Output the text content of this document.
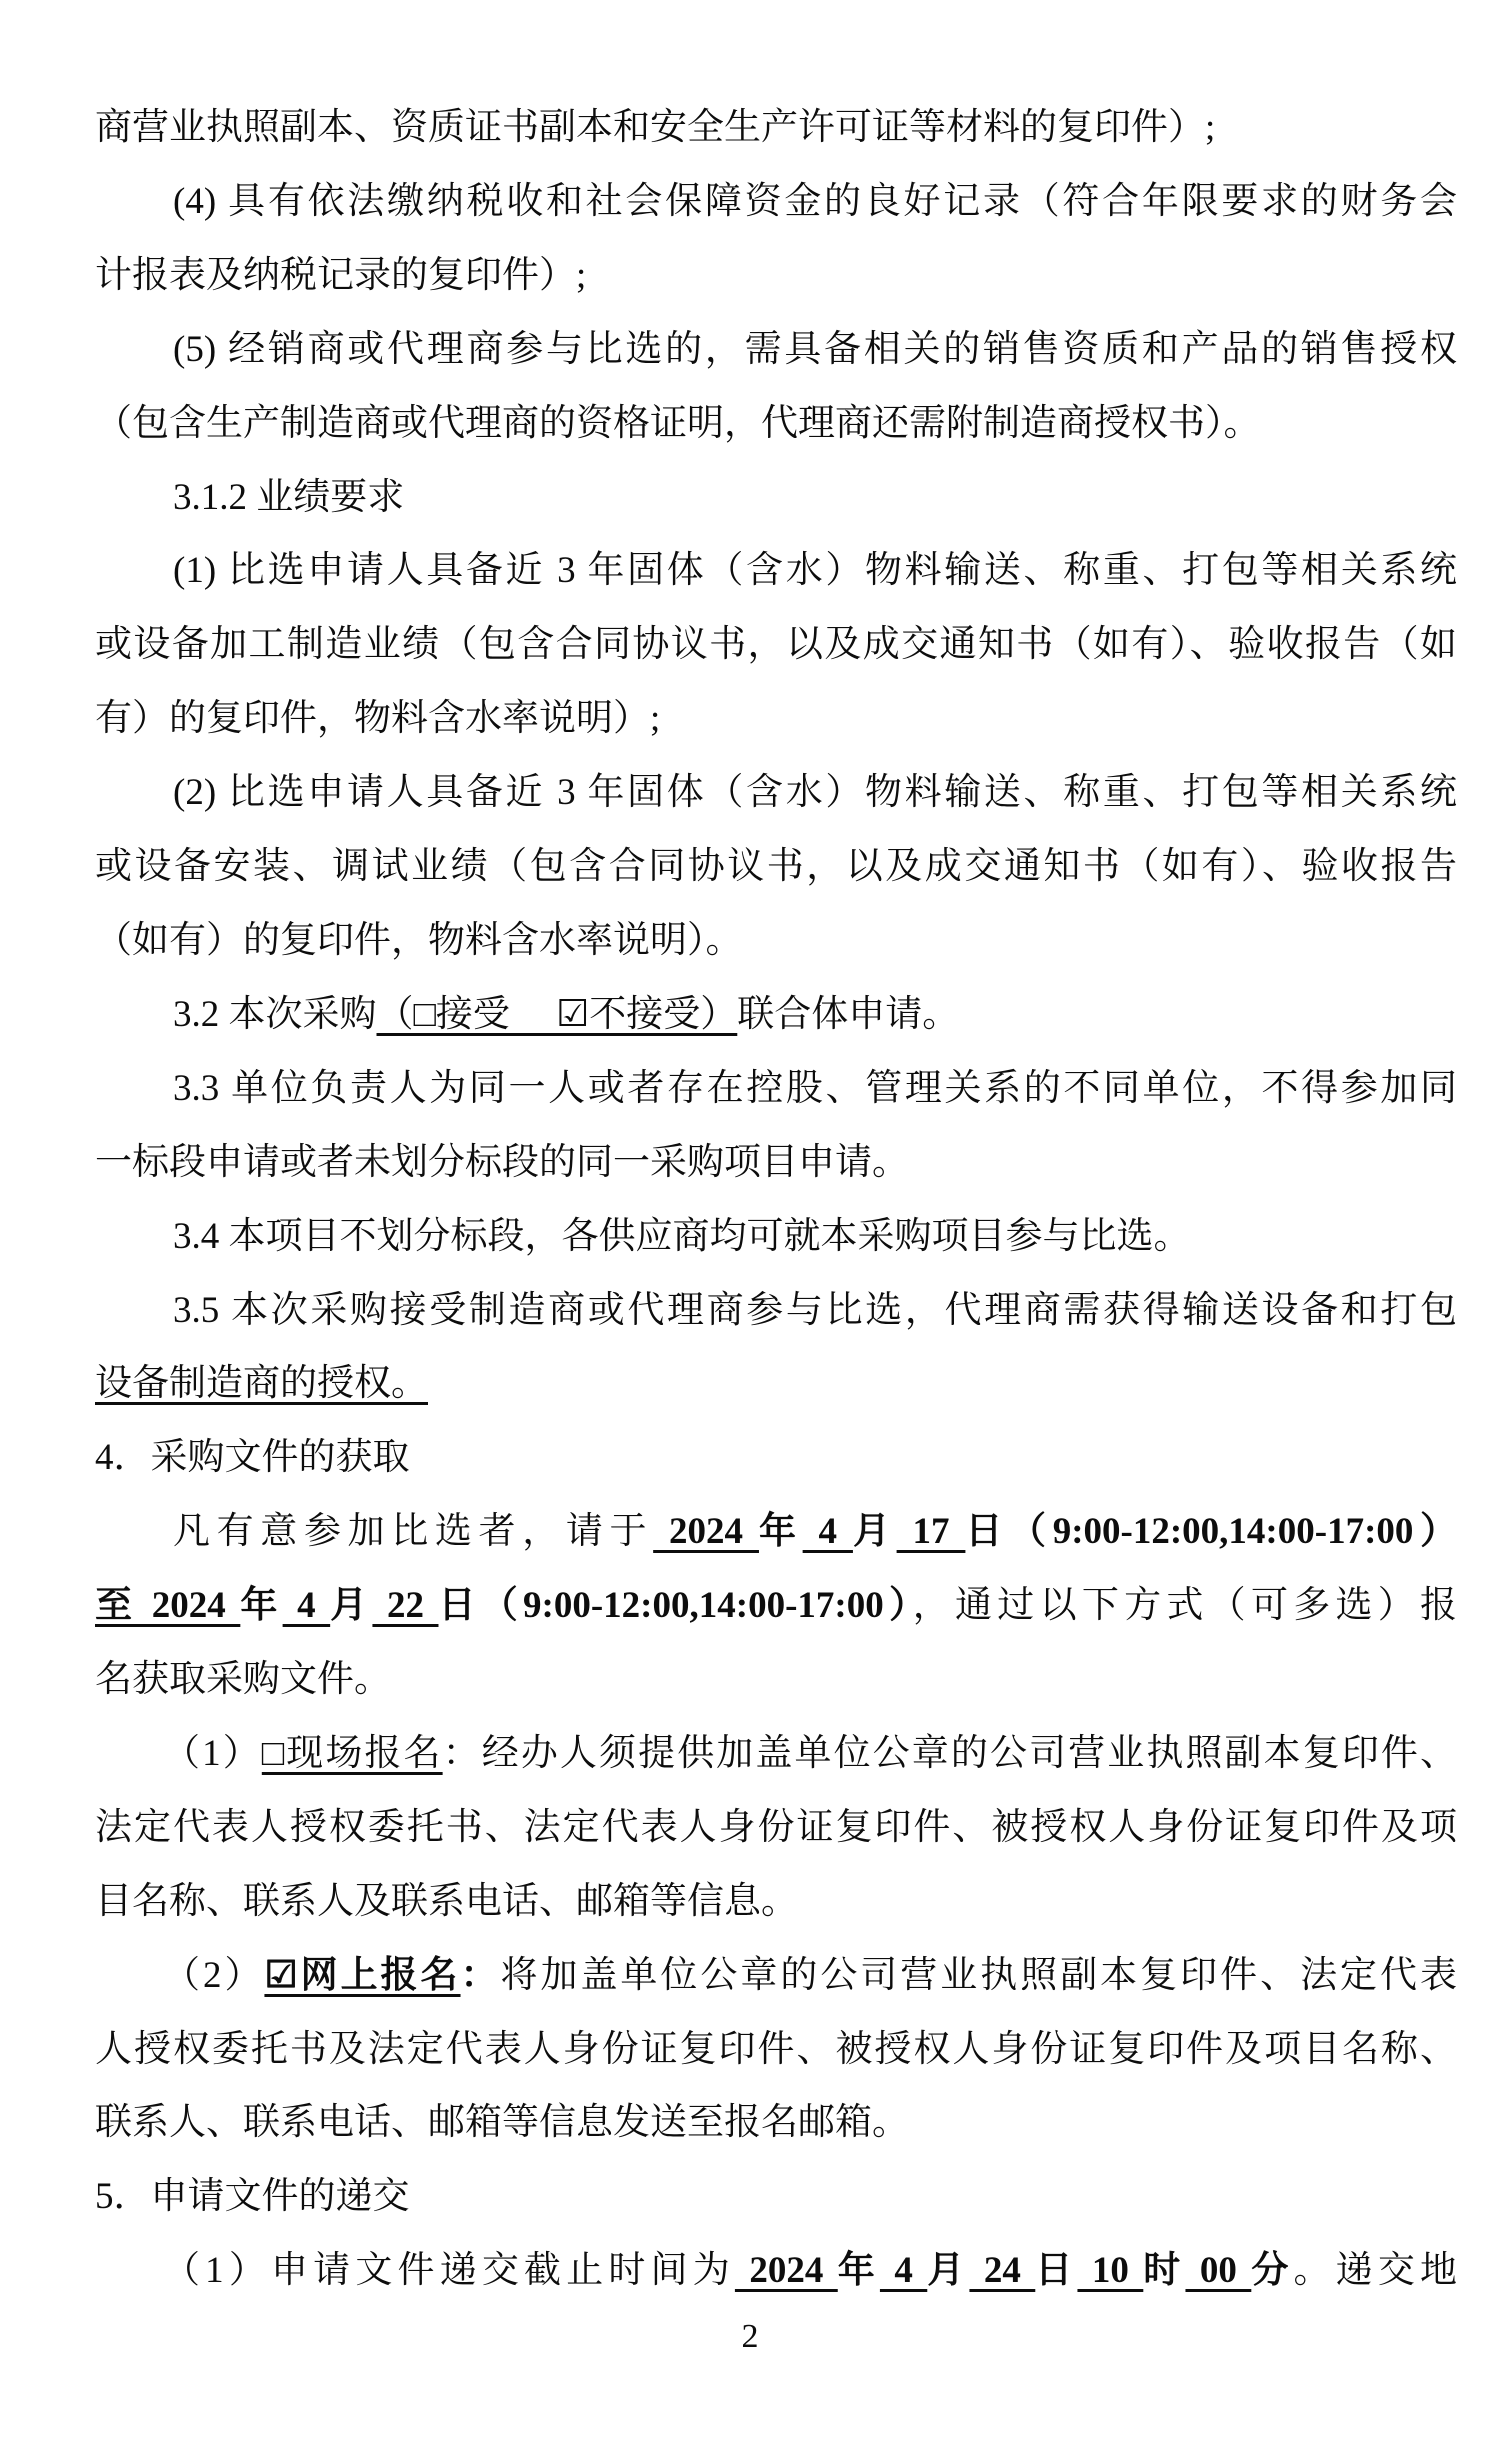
商营业执照副本、资质证书副本和安全生产许可证等材料的复印件）;
(4) 具有依法缴纳税收和社会保障资金的良好记录（符合年限要求的财务会
计报表及纳税记录的复印件）;
(5) 经销商或代理商参与比选的，需具备相关的销售资质和产品的销售授权
（包含生产制造商或代理商的资格证明，代理商还需附制造商授权书）。
3.1.2 业绩要求
(1) 比选申请人具备近 3 年固体（含水）物料输送、称重、打包等相关系统
或设备加工制造业绩（包含合同协议书，以及成交通知书（如有）、验收报告（如
有）的复印件，物料含水率说明）;
(2) 比选申请人具备近 3 年固体（含水）物料输送、称重、打包等相关系统
或设备安装、调试业绩（包含合同协议书，以及成交通知书（如有）、验收报告
（如有）的复印件，物料含水率说明）。
3.2 本次采购（□接受　 ☑不接受）联合体申请。
3.3 单位负责人为同一人或者存在控股、管理关系的不同单位，不得参加同
一标段申请或者未划分标段的同一采购项目申请。
3.4 本项目不划分标段，各供应商均可就本采购项目参与比选。
3.5 本次采购接受制造商或代理商参与比选，代理商需获得输送设备和打包
设备制造商的授权。
4．采购文件的获取
凡有意参加比选者，请于 2024 年 4 月 17 日（9:00-12:00,14:00-17:00）
至 2024 年 4 月 22 日（9:00-12:00,14:00-17:00），通过以下方式（可多选）报
名获取采购文件。
（1）□现场报名：经办人须提供加盖单位公章的公司营业执照副本复印件、
法定代表人授权委托书、法定代表人身份证复印件、被授权人身份证复印件及项
目名称、联系人及联系电话、邮箱等信息。
（2）☑网上报名：将加盖单位公章的公司营业执照副本复印件、法定代表
人授权委托书及法定代表人身份证复印件、被授权人身份证复印件及项目名称、
联系人、联系电话、邮箱等信息发送至报名邮箱。
5．申请文件的递交
（1）申请文件递交截止时间为 2024 年 4 月 24 日 10 时 00 分。递交地
2
